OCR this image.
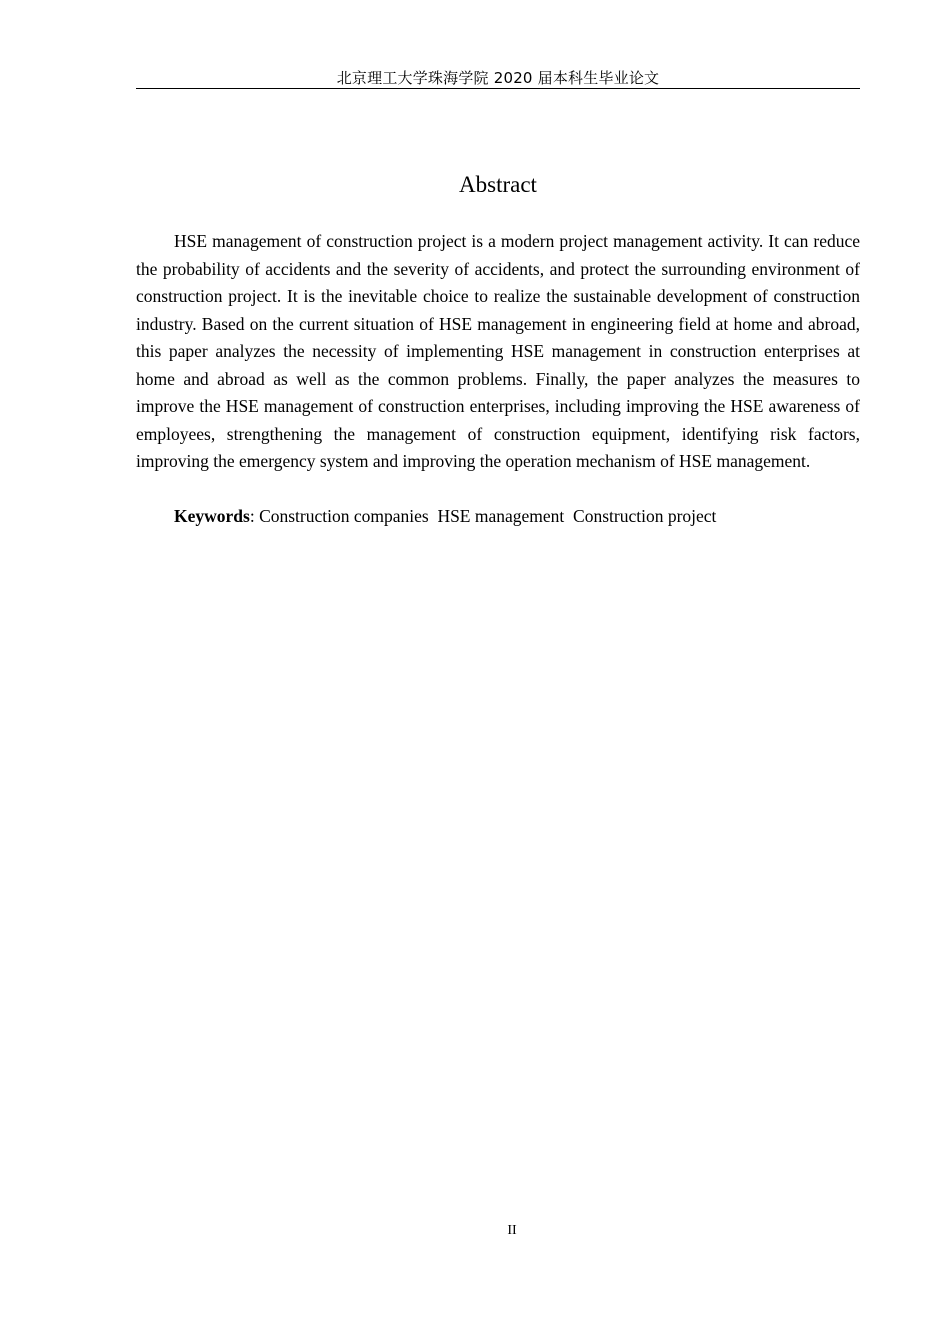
北京理工大学珠海学院 2020 届本科生毕业论文
Abstract

HSE management of construction project is a modern project management activity. It can reduce the probability of accidents and the severity of accidents, and protect the surrounding environment of construction project. It is the inevitable choice to realize the sustainable development of construction industry. Based on the current situation of HSE management in engineering field at home and abroad, this paper analyzes the necessity of implementing HSE management in construction enterprises at home and abroad as well as the common problems. Finally, the paper analyzes the measures to improve the HSE management of construction enterprises, including improving the HSE awareness of employees, strengthening the management of construction equipment, identifying risk factors, improving the emergency system and improving the operation mechanism of HSE management.

Keywords: Construction companies  HSE management  Construction project

II
